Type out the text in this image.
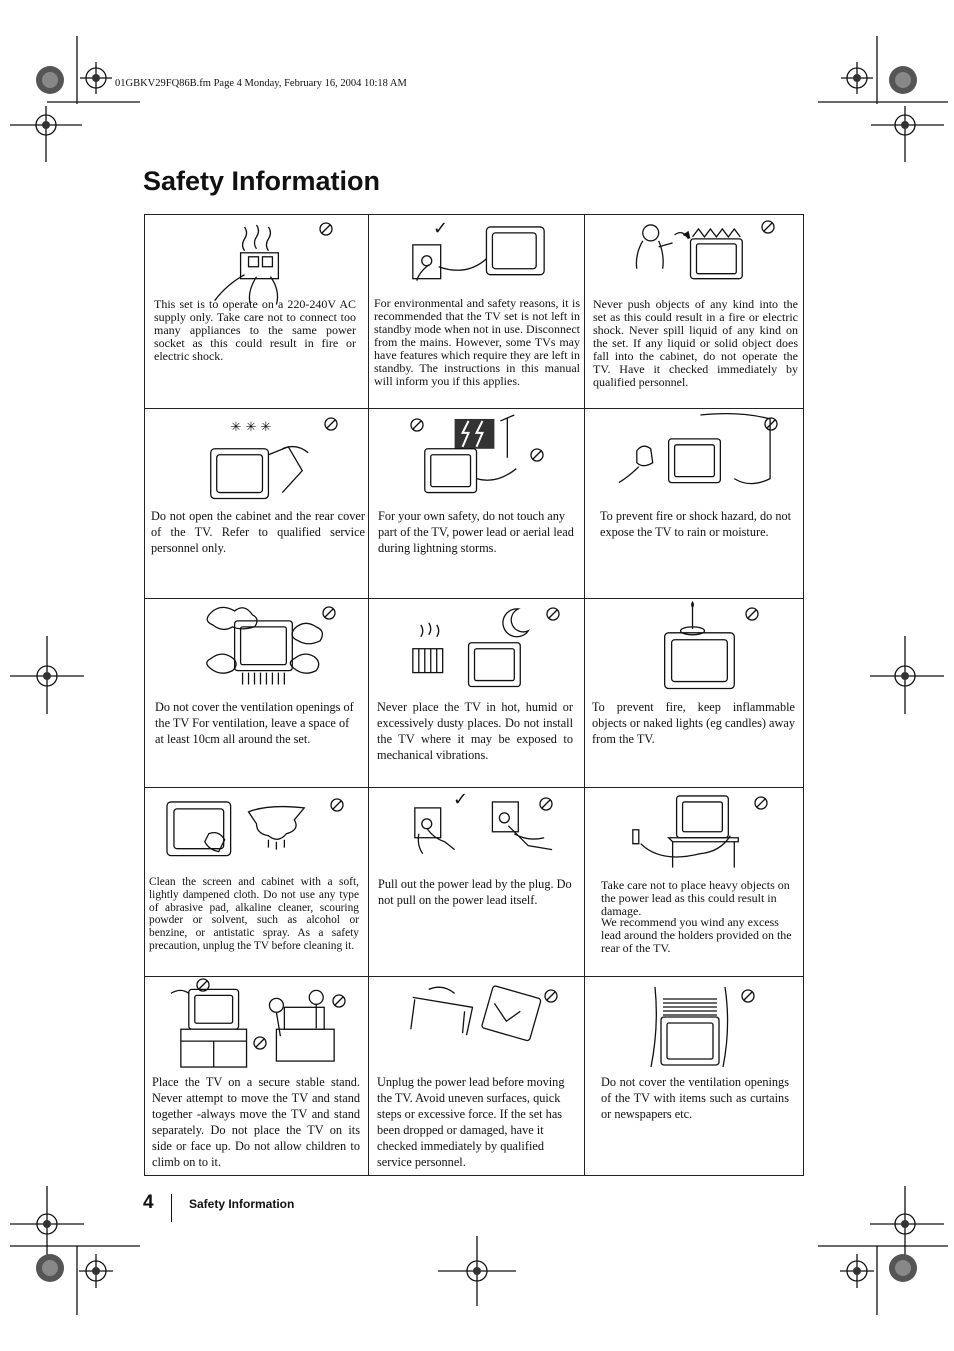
01GBKV29FQ86B.fm Page 4 Monday, February 16, 2004 10:18 AM
Safety Information

This set is to operate on a 220-240V AC supply only. Take care not to connect too many appliances to the same power socket as this could result in fire or electric shock.

✓

For environmental and safety reasons, it is recommended that the TV set is not left in standby mode when not in use. Disconnect from the mains. However, some TVs may have features which require they are left in standby. The instructions in this manual will inform you if this applies.

Never push objects of any kind into the set as this could result in a fire or electric shock. Never spill liquid of any kind on the set. If any liquid or solid object does fall into the cabinet, do not operate the TV. Have it checked immediately by qualified personnel.

✳ ✳ ✳

Do not open the cabinet and the rear cover of the TV. Refer to qualified service personnel only.

For your own safety, do not touch any part of the TV, power lead or aerial lead during lightning storms.

To prevent fire or shock hazard, do not expose the TV to rain or moisture.

Do not cover the ventilation openings of the TV For ventilation, leave a space of at least 10cm all around the set.

Never place the TV in hot, humid or excessively dusty places. Do not install the TV where it may be exposed to mechanical vibrations.

To prevent fire, keep inflammable objects or naked lights (eg candles) away from the TV.

Clean the screen and cabinet with a soft, lightly dampened cloth. Do not use any type of abrasive pad, alkaline cleaner, scouring powder or solvent, such as alcohol or benzine, or antistatic spray. As a safety precaution, unplug the TV before cleaning it.

✓

Pull out the power lead by the plug. Do not pull on the power lead itself.

Take care not to place heavy objects on the power lead as this could result in damage.

We recommend you wind any excess lead around the holders provided on the rear of the TV.

Place the TV on a secure stable stand. Never attempt to move the TV and stand together -always move the TV and stand separately. Do not place the TV on its side or face up. Do not allow children to climb on to it.

Unplug the power lead before moving the TV. Avoid uneven surfaces, quick steps or excessive force. If the set has been dropped or damaged, have it checked immediately by qualified service personnel.

Do not cover the ventilation openings of the TV with items such as curtains or newspapers etc.

4	Safety Information
